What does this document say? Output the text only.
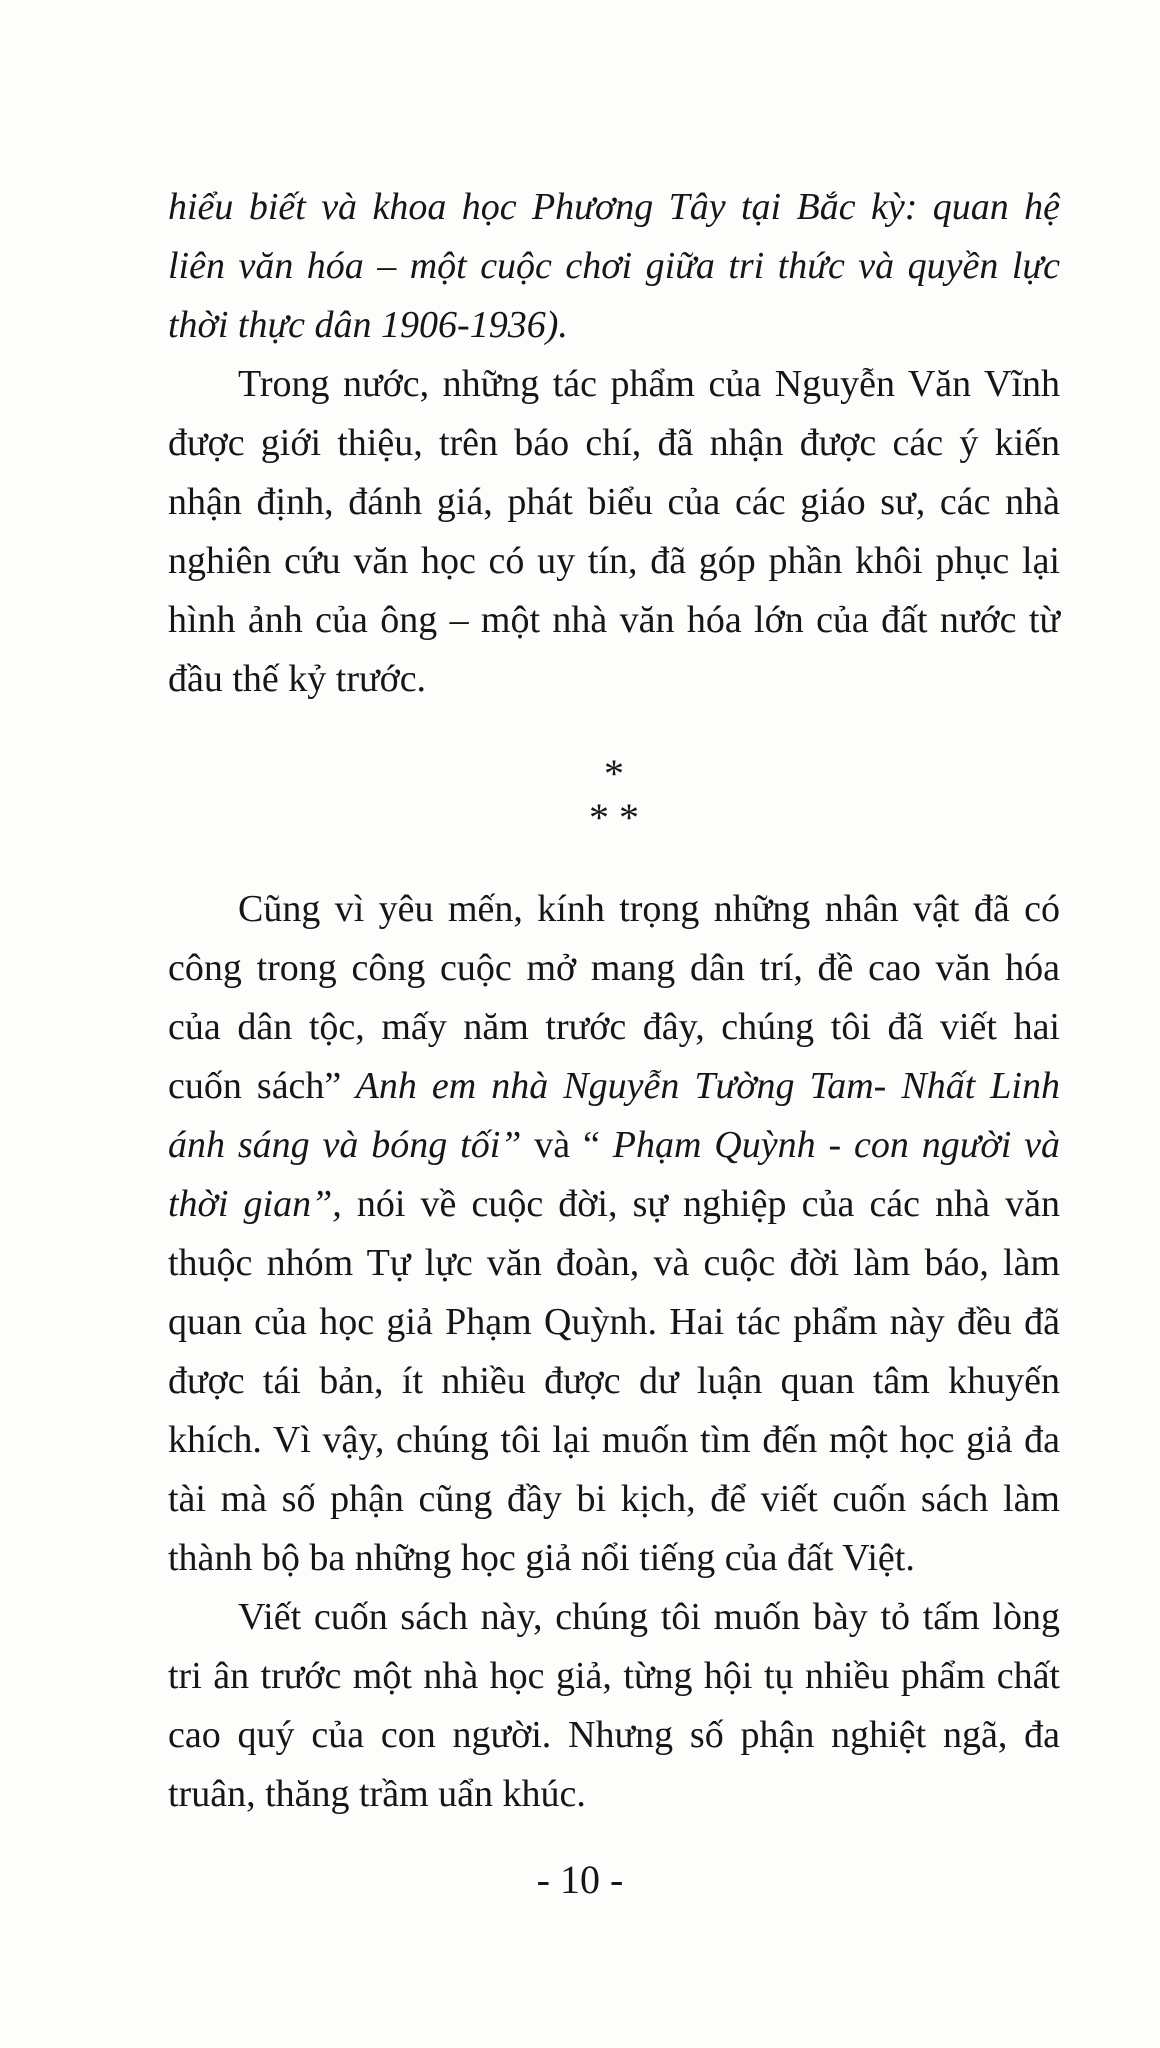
hiểu biết và khoa học Phương Tây tại Bắc kỳ: quan hệ liên văn hóa – một cuộc chơi giữa tri thức và quyền lực thời thực dân 1906-1936).

Trong nước, những tác phẩm của Nguyễn Văn Vĩnh được giới thiệu, trên báo chí, đã nhận được các ý kiến nhận định, đánh giá, phát biểu của các giáo sư, các nhà nghiên cứu văn học có uy tín, đã góp phần khôi phục lại hình ảnh của ông – một nhà văn hóa lớn của đất nước từ đầu thế kỷ trước.

*
* *

Cũng vì yêu mến, kính trọng những nhân vật đã có công trong công cuộc mở mang dân trí, đề cao văn hóa của dân tộc, mấy năm trước đây, chúng tôi đã viết hai cuốn sách” Anh em nhà Nguyễn Tường Tam- Nhất Linh ánh sáng và bóng tối” và “ Phạm Quỳnh - con người và thời gian”, nói về cuộc đời, sự nghiệp của các nhà văn thuộc nhóm Tự lực văn đoàn, và cuộc đời làm báo, làm quan của học giả Phạm Quỳnh. Hai tác phẩm này đều đã được tái bản, ít nhiều được dư luận quan tâm khuyến khích. Vì vậy, chúng tôi lại muốn tìm đến một học giả đa tài mà số phận cũng đầy bi kịch, để viết cuốn sách làm thành bộ ba những học giả nổi tiếng của đất Việt.

Viết cuốn sách này, chúng tôi muốn bày tỏ tấm lòng tri ân trước một nhà học giả, từng hội tụ nhiều phẩm chất cao quý của con người. Nhưng số phận nghiệt ngã, đa truân, thăng trầm uẩn khúc.

- 10 -
